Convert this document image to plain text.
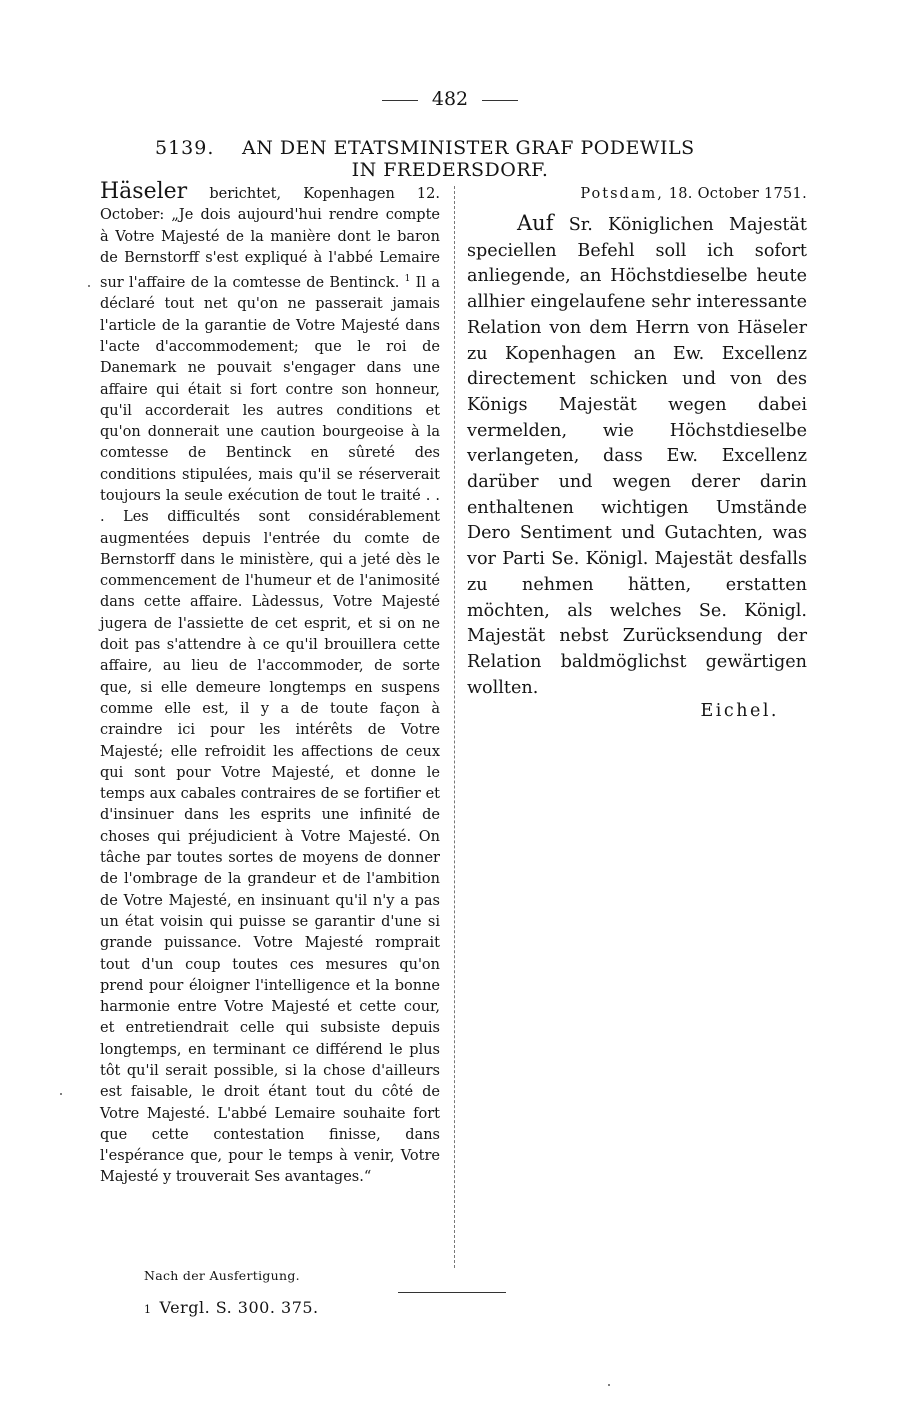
482
5139. AN DEN ETATSMINISTER GRAF PODEWILS
IN FREDERSDORF.

Häseler berichtet, Kopenhagen 12. October: „Je dois aujourd'hui rendre compte à Votre Majesté de la manière dont le baron de Bernstorff s'est expliqué à l'abbé Lemaire sur l'affaire de la comtesse de Bentinck. $^1$ Il a déclaré tout net qu'on ne passerait jamais l'article de la garantie de Votre Majesté dans l'acte d'accommodement; que le roi de Danemark ne pouvait s'engager dans une affaire qui était si fort contre son honneur, qu'il accorderait les autres conditions et qu'on donnerait une caution bourgeoise à la comtesse de Bentinck en sûreté des conditions stipulées, mais qu'il se réserverait toujours la seule exécution de tout le traité . . . Les difficultés sont considérablement augmentées depuis l'entrée du comte de Bernstorff dans le ministère, qui a jeté dès le commencement de l'humeur et de l'animosité dans cette affaire. Làdessus, Votre Majesté jugera de l'assiette de cet esprit, et si on ne doit pas s'attendre à ce qu'il brouillera cette affaire, au lieu de l'accommoder, de sorte que, si elle demeure longtemps en suspens comme elle est, il y a de toute façon à craindre ici pour les intérêts de Votre Majesté; elle refroidit les affections de ceux qui sont pour Votre Majesté, et donne le temps aux cabales contraires de se fortifier et d'insinuer dans les esprits une infinité de choses qui préjudicient à Votre Majesté. On tâche par toutes sortes de moyens de donner de l'ombrage de la grandeur et de l'ambition de Votre Majesté, en insinuant qu'il n'y a pas un état voisin qui puisse se garantir d'une si grande puissance. Votre Majesté romprait tout d'un coup toutes ces mesures qu'on prend pour éloigner l'intelligence et la bonne harmonie entre Votre Majesté et cette cour, et entretiendrait celle qui subsiste depuis longtemps, en terminant ce différend le plus tôt qu'il serait possible, si la chose d'ailleurs est faisable, le droit étant tout du côté de Votre Majesté. L'abbé Lemaire souhaite fort que cette contestation finisse, dans l'espérance que, pour le temps à venir, Votre Majesté y trouverait Ses avantages.“

Potsdam, 18. October 1751.
Auf Sr. Königlichen Majestät speciellen Befehl soll ich sofort anliegende, an Höchstdieselbe heute allhier eingelaufene sehr interessante Relation von dem Herrn von Häseler zu Kopenhagen an Ew. Excellenz directement schicken und von des Königs Majestät wegen dabei vermelden, wie Höchstdieselbe verlangeten, dass Ew. Excellenz darüber und wegen derer darin enthaltenen wichtigen Umstände Dero Sentiment und Gutachten, was vor Parti Se. Königl. Majestät desfalls zu nehmen hätten, erstatten möchten, als welches Se. Königl. Majestät nebst Zurücksendung der Relation baldmöglichst gewärtigen wollten.
Eichel.
Nach der Ausfertigung.
1 Vergl. S. 300. 375.
